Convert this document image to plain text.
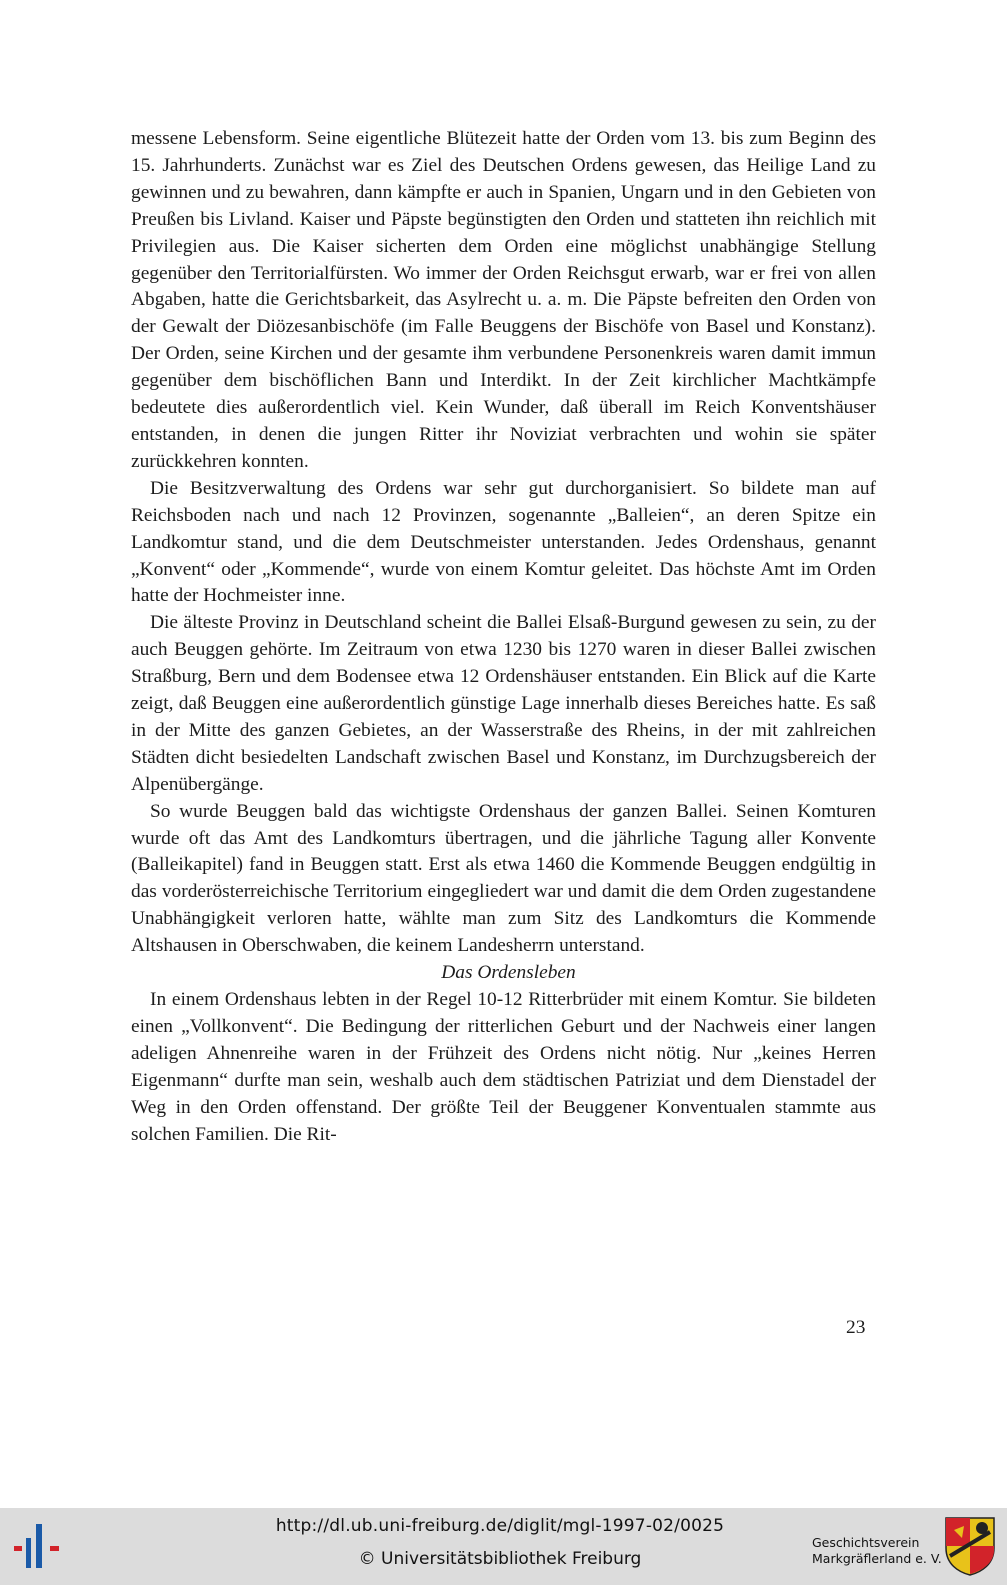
messene Lebensform. Seine eigentliche Blütezeit hatte der Orden vom 13. bis zum Beginn des 15. Jahrhunderts. Zunächst war es Ziel des Deutschen Ordens gewesen, das Heilige Land zu gewinnen und zu bewahren, dann kämpfte er auch in Spanien, Ungarn und in den Gebieten von Preußen bis Livland. Kaiser und Päpste begünstigten den Orden und statteten ihn reichlich mit Privilegien aus. Die Kaiser sicherten dem Orden eine möglichst unabhängige Stellung gegenüber den Territorialfürsten. Wo immer der Orden Reichsgut erwarb, war er frei von allen Abgaben, hatte die Gerichtsbarkeit, das Asylrecht u. a. m. Die Päpste befreiten den Orden von der Gewalt der Diözesanbischöfe (im Falle Beuggens der Bischöfe von Basel und Konstanz). Der Orden, seine Kirchen und der gesamte ihm verbundene Personenkreis waren damit immun gegenüber dem bischöflichen Bann und Interdikt. In der Zeit kirchlicher Machtkämpfe bedeutete dies außerordentlich viel. Kein Wunder, daß überall im Reich Konventshäuser entstanden, in denen die jungen Ritter ihr Noviziat verbrachten und wohin sie später zurückkehren konnten.

Die Besitzverwaltung des Ordens war sehr gut durchorganisiert. So bildete man auf Reichsboden nach und nach 12 Provinzen, sogenannte „Balleien“, an deren Spitze ein Landkomtur stand, und die dem Deutschmeister unterstanden. Jedes Ordenshaus, genannt „Konvent“ oder „Kommende“, wurde von einem Komtur geleitet. Das höchste Amt im Orden hatte der Hochmeister inne.

Die älteste Provinz in Deutschland scheint die Ballei Elsaß-Burgund gewesen zu sein, zu der auch Beuggen gehörte. Im Zeitraum von etwa 1230 bis 1270 waren in dieser Ballei zwischen Straßburg, Bern und dem Bodensee etwa 12 Ordenshäuser entstanden. Ein Blick auf die Karte zeigt, daß Beuggen eine außerordentlich günstige Lage innerhalb dieses Bereiches hatte. Es saß in der Mitte des ganzen Gebietes, an der Wasserstraße des Rheins, in der mit zahlreichen Städten dicht besiedelten Landschaft zwischen Basel und Konstanz, im Durchzugsbereich der Alpenübergänge.

So wurde Beuggen bald das wichtigste Ordenshaus der ganzen Ballei. Seinen Komturen wurde oft das Amt des Landkomturs übertragen, und die jährliche Tagung aller Konvente (Balleikapitel) fand in Beuggen statt. Erst als etwa 1460 die Kommende Beuggen endgültig in das vorderösterreichische Territorium eingegliedert war und damit die dem Orden zugestandene Unabhängigkeit verloren hatte, wählte man zum Sitz des Landkomturs die Kommende Altshausen in Oberschwaben, die keinem Landesherrn unterstand.

Das Ordensleben

In einem Ordenshaus lebten in der Regel 10-12 Ritterbrüder mit einem Komtur. Sie bildeten einen „Vollkonvent“. Die Bedingung der ritterlichen Geburt und der Nachweis einer langen adeligen Ahnenreihe waren in der Frühzeit des Ordens nicht nötig. Nur „keines Herren Eigenmann“ durfte man sein, weshalb auch dem städtischen Patriziat und dem Dienstadel der Weg in den Orden offenstand. Der größte Teil der Beuggener Konventualen stammte aus solchen Familien. Die Rit-

23
http://dl.ub.uni-freiburg.de/diglit/mgl-1997-02/0025
© Universitätsbibliothek Freiburg
Geschichtsverein
Markgräflerland e. V.
